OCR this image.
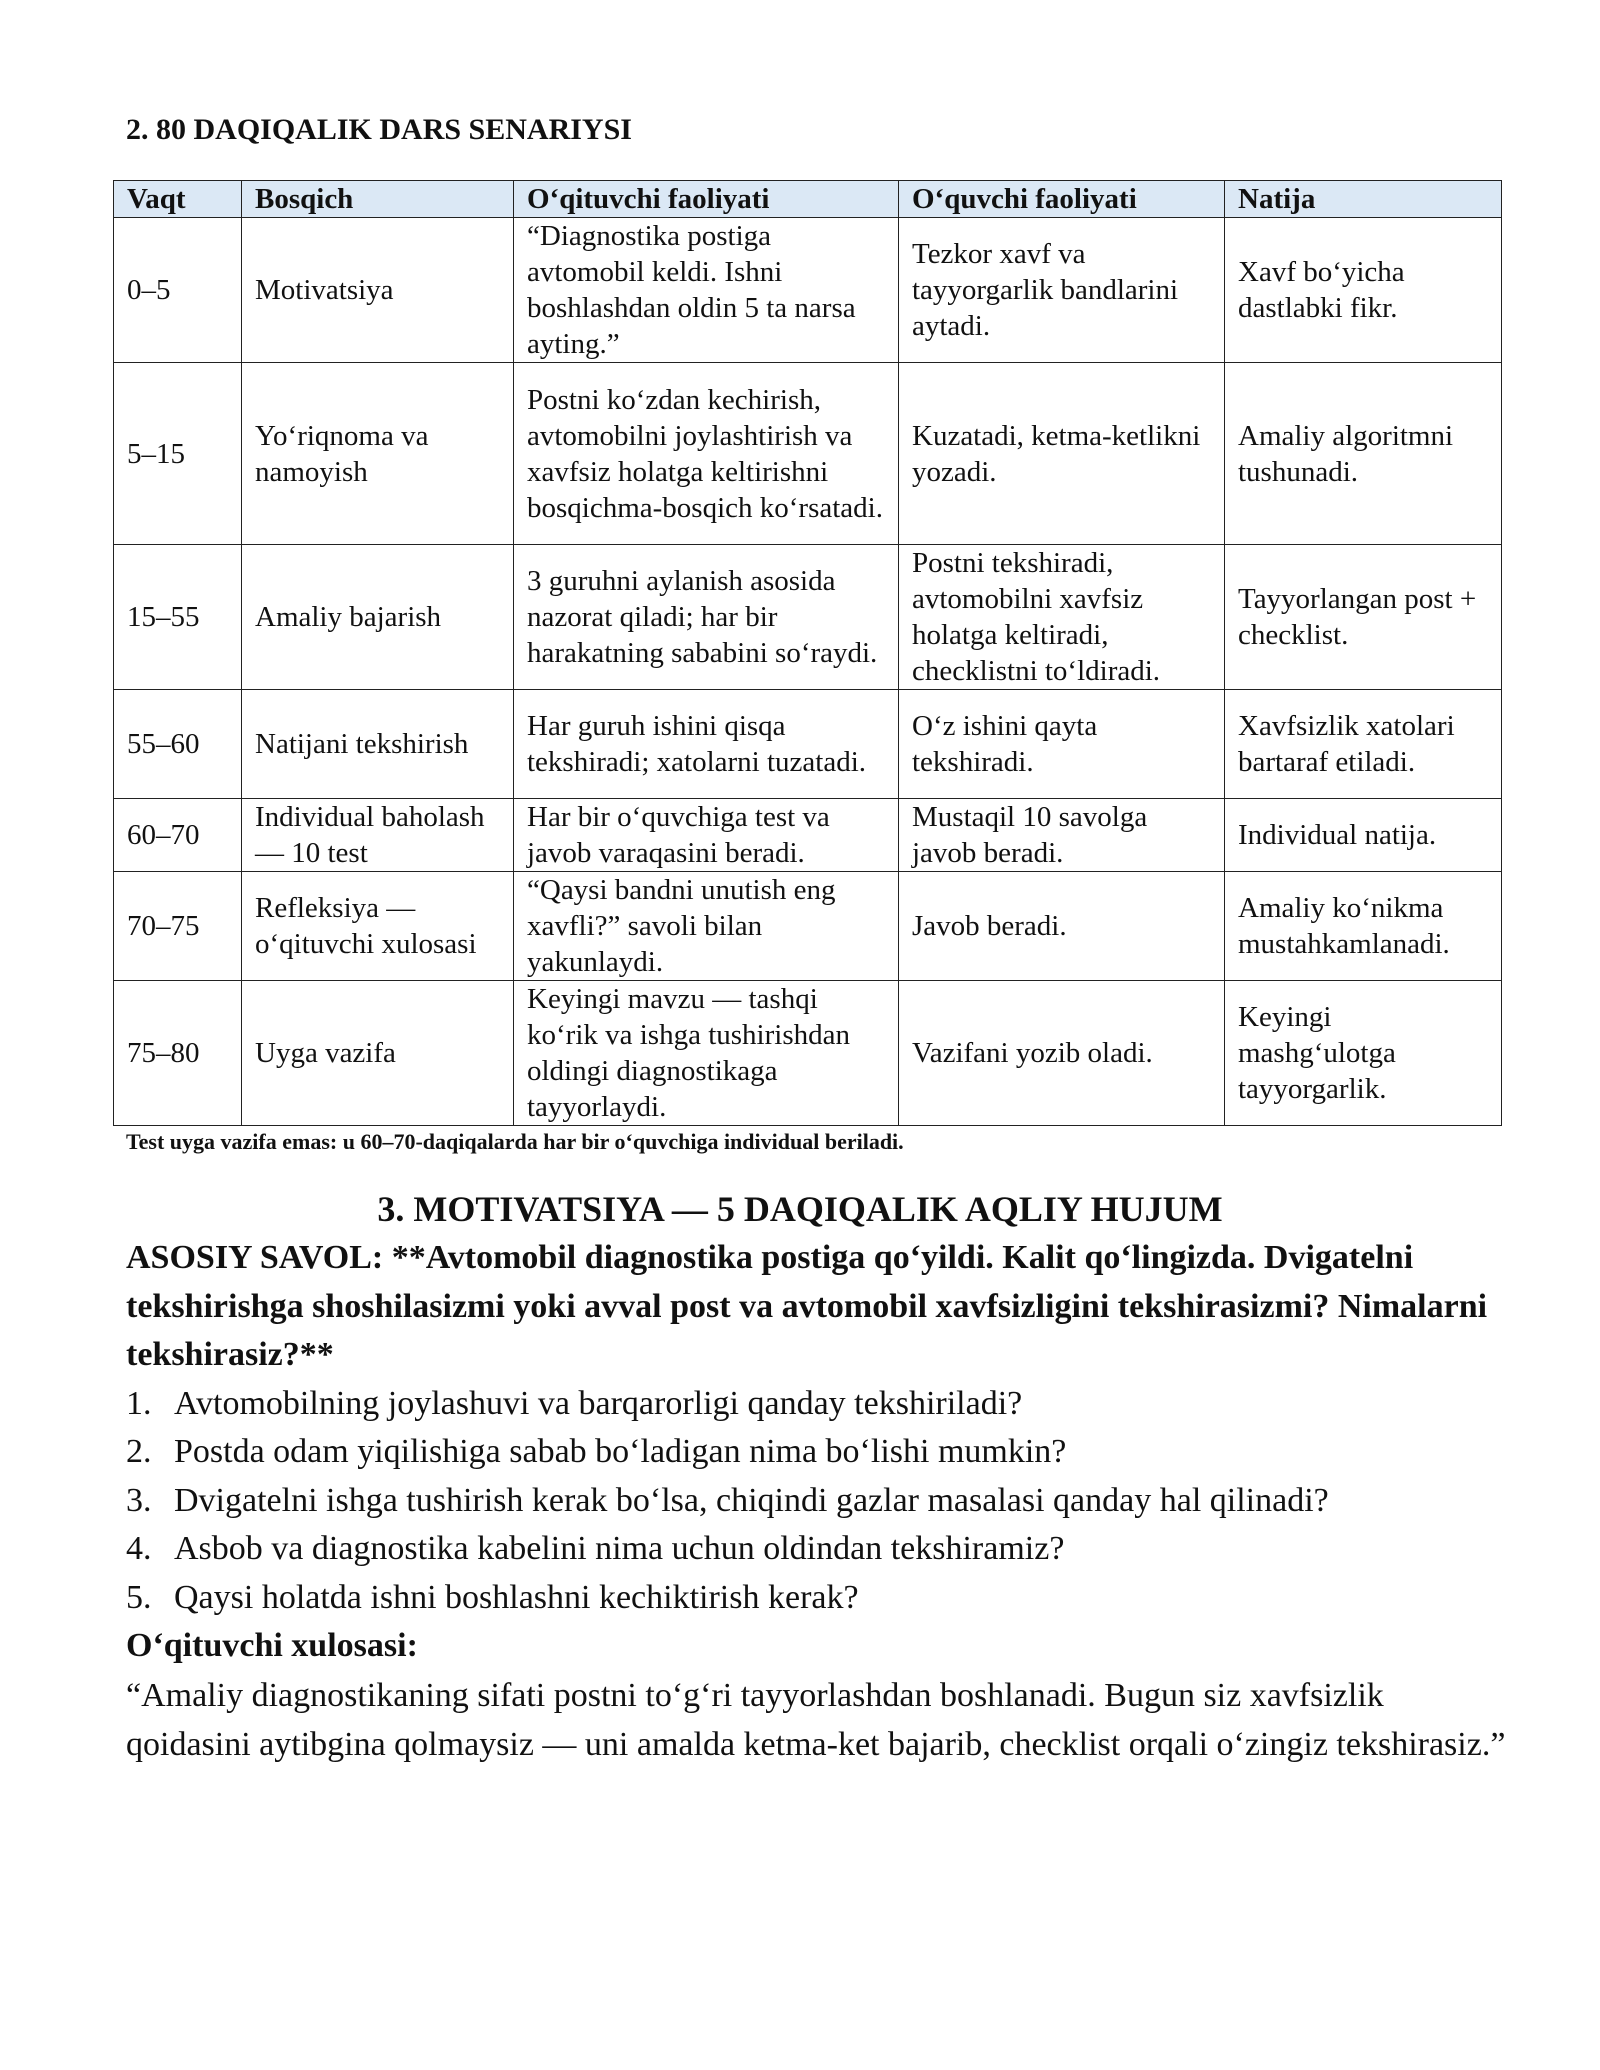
2. 80 DAQIQALIK DARS SENARIYSI
Vaqt	Bosqich	O‘qituvchi faoliyati	O‘quvchi faoliyati	Natija
0–5	Motivatsiya	“Diagnostika postiga avtomobil keldi. Ishni boshlashdan oldin 5 ta narsa ayting.”	Tezkor xavf va tayyorgarlik bandlarini aytadi.	Xavf bo‘yicha dastlabki fikr.
5–15	Yo‘riqnoma va namoyish	Postni ko‘zdan kechirish, avtomobilni joylashtirish va xavfsiz holatga keltirishni bosqichma-bosqich ko‘rsatadi.	Kuzatadi, ketma-ketlikni yozadi.	Amaliy algoritmni tushunadi.
15–55	Amaliy bajarish	3 guruhni aylanish asosida nazorat qiladi; har bir harakatning sababini so‘raydi.	Postni tekshiradi, avtomobilni xavfsiz holatga keltiradi, checklistni to‘ldiradi.	Tayyorlangan post + checklist.
55–60	Natijani tekshirish	Har guruh ishini qisqa tekshiradi; xatolarni tuzatadi.	O‘z ishini qayta tekshiradi.	Xavfsizlik xatolari bartaraf etiladi.
60–70	Individual baholash — 10 test	Har bir o‘quvchiga test va javob varaqasini beradi.	Mustaqil 10 savolga javob beradi.	Individual natija.
70–75	Refleksiya — o‘qituvchi xulosasi	“Qaysi bandni unutish eng xavfli?” savoli bilan yakunlaydi.	Javob beradi.	Amaliy ko‘nikma mustahkamlanadi.
75–80	Uyga vazifa	Keyingi mavzu — tashqi ko‘rik va ishga tushirishdan oldingi diagnostikaga tayyorlaydi.	Vazifani yozib oladi.	Keyingi mashg‘ulotga tayyorgarlik.

Test uyga vazifa emas: u 60–70-daqiqalarda har bir o‘quvchiga individual beriladi.

3. MOTIVATSIYA — 5 DAQIQALIK AQLIY HUJUM

ASOSIY SAVOL: **Avtomobil diagnostika postiga qo‘yildi. Kalit qo‘lingizda. Dvigatelni tekshirishga shoshilasizmi yoki avval post va avtomobil xavfsizligini tekshirasizmi? Nimalarni tekshirasiz?**

1. Avtomobilning joylashuvi va barqarorligi qanday tekshiriladi?
2. Postda odam yiqilishiga sabab bo‘ladigan nima bo‘lishi mumkin?
3. Dvigatelni ishga tushirish kerak bo‘lsa, chiqindi gazlar masalasi qanday hal qilinadi?
4. Asbob va diagnostika kabelini nima uchun oldindan tekshiramiz?
5. Qaysi holatda ishni boshlashni kechiktirish kerak?

O‘qituvchi xulosasi:

“Amaliy diagnostikaning sifati postni to‘g‘ri tayyorlashdan boshlanadi. Bugun siz xavfsizlik qoidasini aytibgina qolmaysiz — uni amalda ketma-ket bajarib, checklist orqali o‘zingiz tekshirasiz.”
